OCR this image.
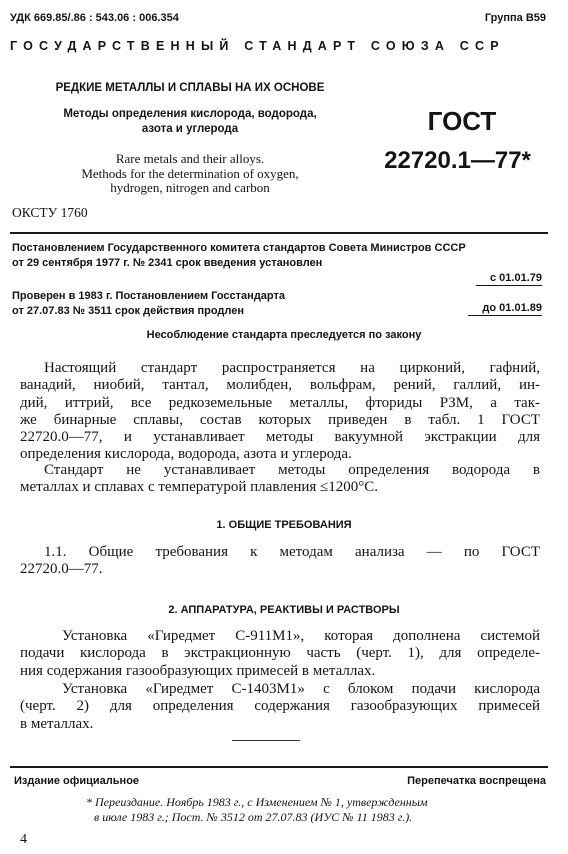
УДК 669.85/.86 : 543.06 : 006.354	Группа В59
ГОСУДАРСТВЕННЫЙ СТАНДАРТ СОЮЗА ССР
РЕДКИЕ МЕТАЛЛЫ И СПЛАВЫ НА ИХ ОСНОВЕ
Методы определения кислорода, водорода,
азота и углерода
Rare metals and their alloys.
Methods for the determination of oxygen,
hydrogen, nitrogen and carbon
ГОСТ
22720.1—77*
ОКСТУ 1760
Постановлением Государственного комитета стандартов Совета Министров СССР
от 29 сентября 1977 г. № 2341 срок введения установлен
с 01.01.79
Проверен в 1983 г. Постановлением Госстандарта
от 27.07.83 № 3511 срок действия продлен	до 01.01.89
Несоблюдение стандарта преследуется по закону
Настоящий стандарт распространяется на цирконий, гафний,
ванадий, ниобий, тантал, молибден, вольфрам, рений, галлий, ин-
дий, иттрий, все редкоземельные металлы, фториды РЗМ, а так-
же бинарные сплавы, состав которых приведен в табл. 1 ГОСТ
22720.0—77, и устанавливает методы вакуумной экстракции для
определения кислорода, водорода, азота и углерода.
Стандарт не устанавливает методы определения водорода в
металлах и сплавах с температурой плавления ≤1200°С.
1. ОБЩИЕ ТРЕБОВАНИЯ
1.1. Общие требования к методам анализа — по ГОСТ
22720.0—77.
2. АППАРАТУРА, РЕАКТИВЫ И РАСТВОРЫ
Установка «Гиредмет С-911М1», которая дополнена системой
подачи кислорода в экстракционную часть (черт. 1), для определе-
ния содержания газообразующих примесей в металлах.
Установка «Гиредмет С-1403М1» с блоком подачи кислорода
(черт. 2) для определения содержания газообразующих примесей
в металлах.
Издание официальное	Перепечатка воспрещена
* Переиздание. Ноябрь 1983 г., с Изменением № 1, утвержденным
в июле 1983 г.; Пост. № 3512 от 27.07.83 (ИУС № 11 1983 г.).
4
